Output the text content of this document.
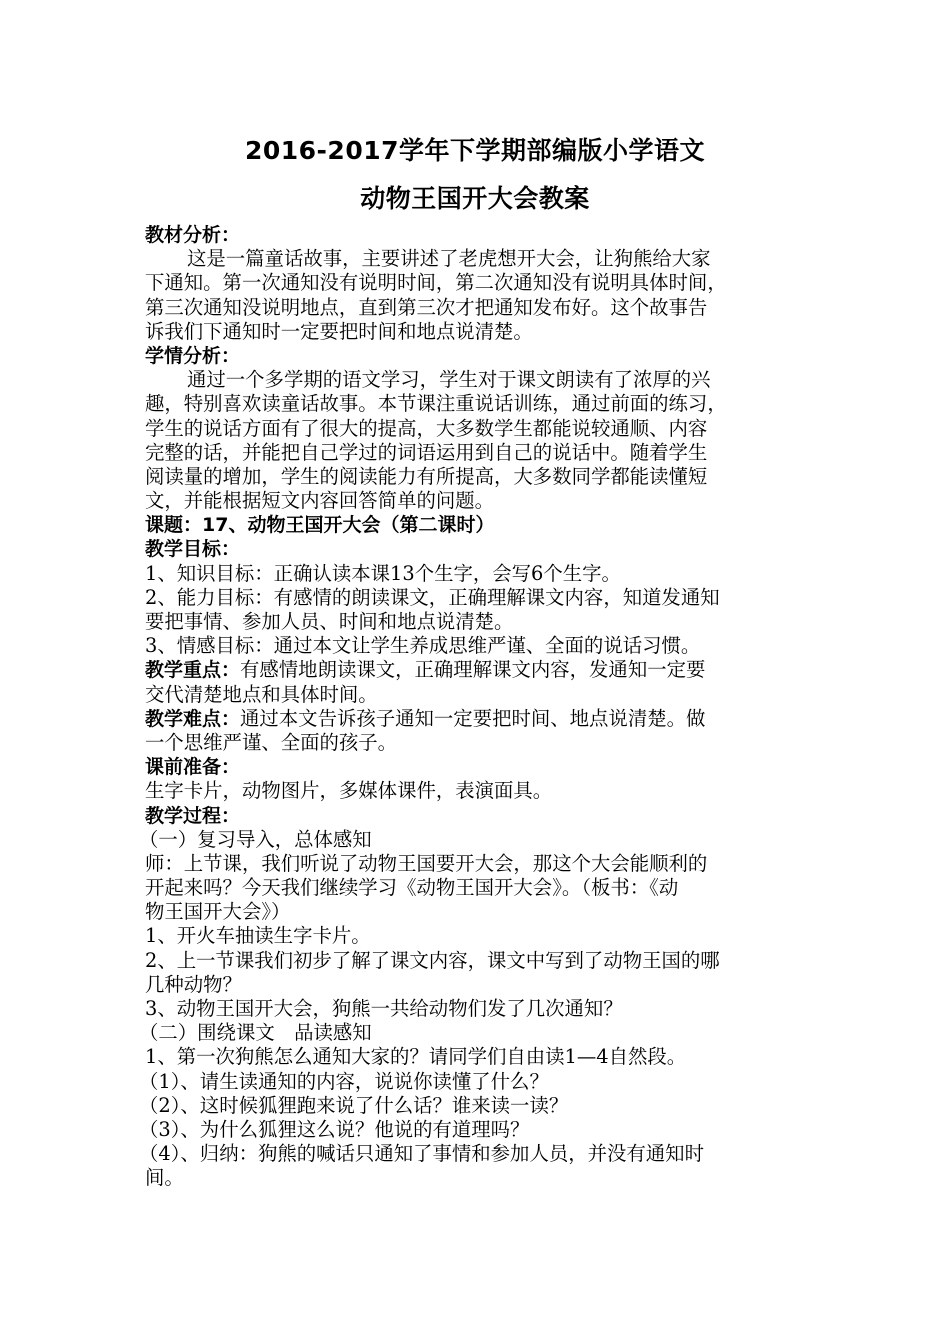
2016-2017学年下学期部编版小学语文
动物王国开大会教案
教材分析：
这是一篇童话故事，主要讲述了老虎想开大会，让狗熊给大家
下通知。第一次通知没有说明时间，第二次通知没有说明具体时间，
第三次通知没说明地点，直到第三次才把通知发布好。这个故事告
诉我们下通知时一定要把时间和地点说清楚。
学情分析：
通过一个多学期的语文学习，学生对于课文朗读有了浓厚的兴
趣，特别喜欢读童话故事。本节课注重说话训练，通过前面的练习，
学生的说话方面有了很大的提高，大多数学生都能说较通顺、内容
完整的话，并能把自己学过的词语运用到自己的说话中。随着学生
阅读量的增加，学生的阅读能力有所提高，大多数同学都能读懂短
文，并能根据短文内容回答简单的问题。
课题：17、动物王国开大会（第二课时）
教学目标：
1、知识目标：正确认读本课13个生字，会写6个生字。
2、能力目标：有感情的朗读课文，正确理解课文内容，知道发通知
要把事情、参加人员、时间和地点说清楚。
3、情感目标：通过本文让学生养成思维严谨、全面的说话习惯。
教学重点：有感情地朗读课文，正确理解课文内容，发通知一定要
交代清楚地点和具体时间。
教学难点：通过本文告诉孩子通知一定要把时间、地点说清楚。做
一个思维严谨、全面的孩子。
课前准备：
生字卡片，动物图片，多媒体课件，表演面具。
教学过程：
（一）复习导入，总体感知
师：上节课，我们听说了动物王国要开大会，那这个大会能顺利的
开起来吗？今天我们继续学习《动物王国开大会》。（板书：《动
物王国开大会》）
1、开火车抽读生字卡片。
2、上一节课我们初步了解了课文内容，课文中写到了动物王国的哪
几种动物？
3、动物王国开大会，狗熊一共给动物们发了几次通知？
（二）围绕课文　品读感知
1、第一次狗熊怎么通知大家的？请同学们自由读1—4自然段。
（1）、请生读通知的内容，说说你读懂了什么？
（2）、这时候狐狸跑来说了什么话？谁来读一读？
（3）、为什么狐狸这么说？他说的有道理吗？
（4）、归纳：狗熊的喊话只通知了事情和参加人员，并没有通知时
间。
